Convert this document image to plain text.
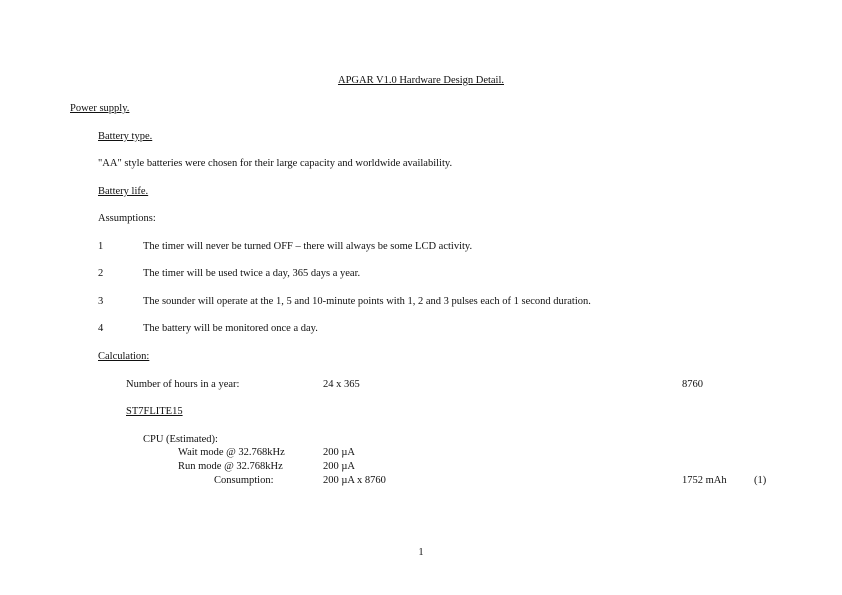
APGAR V1.0 Hardware Design Detail.
Power supply.
Battery type.
"AA" style batteries were chosen for their large capacity and worldwide availability.
Battery life.
Assumptions:
1	The timer will never be turned OFF – there will always be some LCD activity.
2	The timer will be used twice a day, 365 days a year.
3	The sounder will operate at the 1, 5 and 10-minute points with 1, 2 and 3 pulses each of 1 second duration.
4	The battery will be monitored once a day.
Calculation:
Number of hours in a year:	24 x 365	8760
ST7FLITE15
CPU (Estimated):
Wait mode @ 32.768kHz	200 µA
Run mode @ 32.768kHz	200 µA
Consumption:	200 µA x 8760	1752 mAh	(1)
1
